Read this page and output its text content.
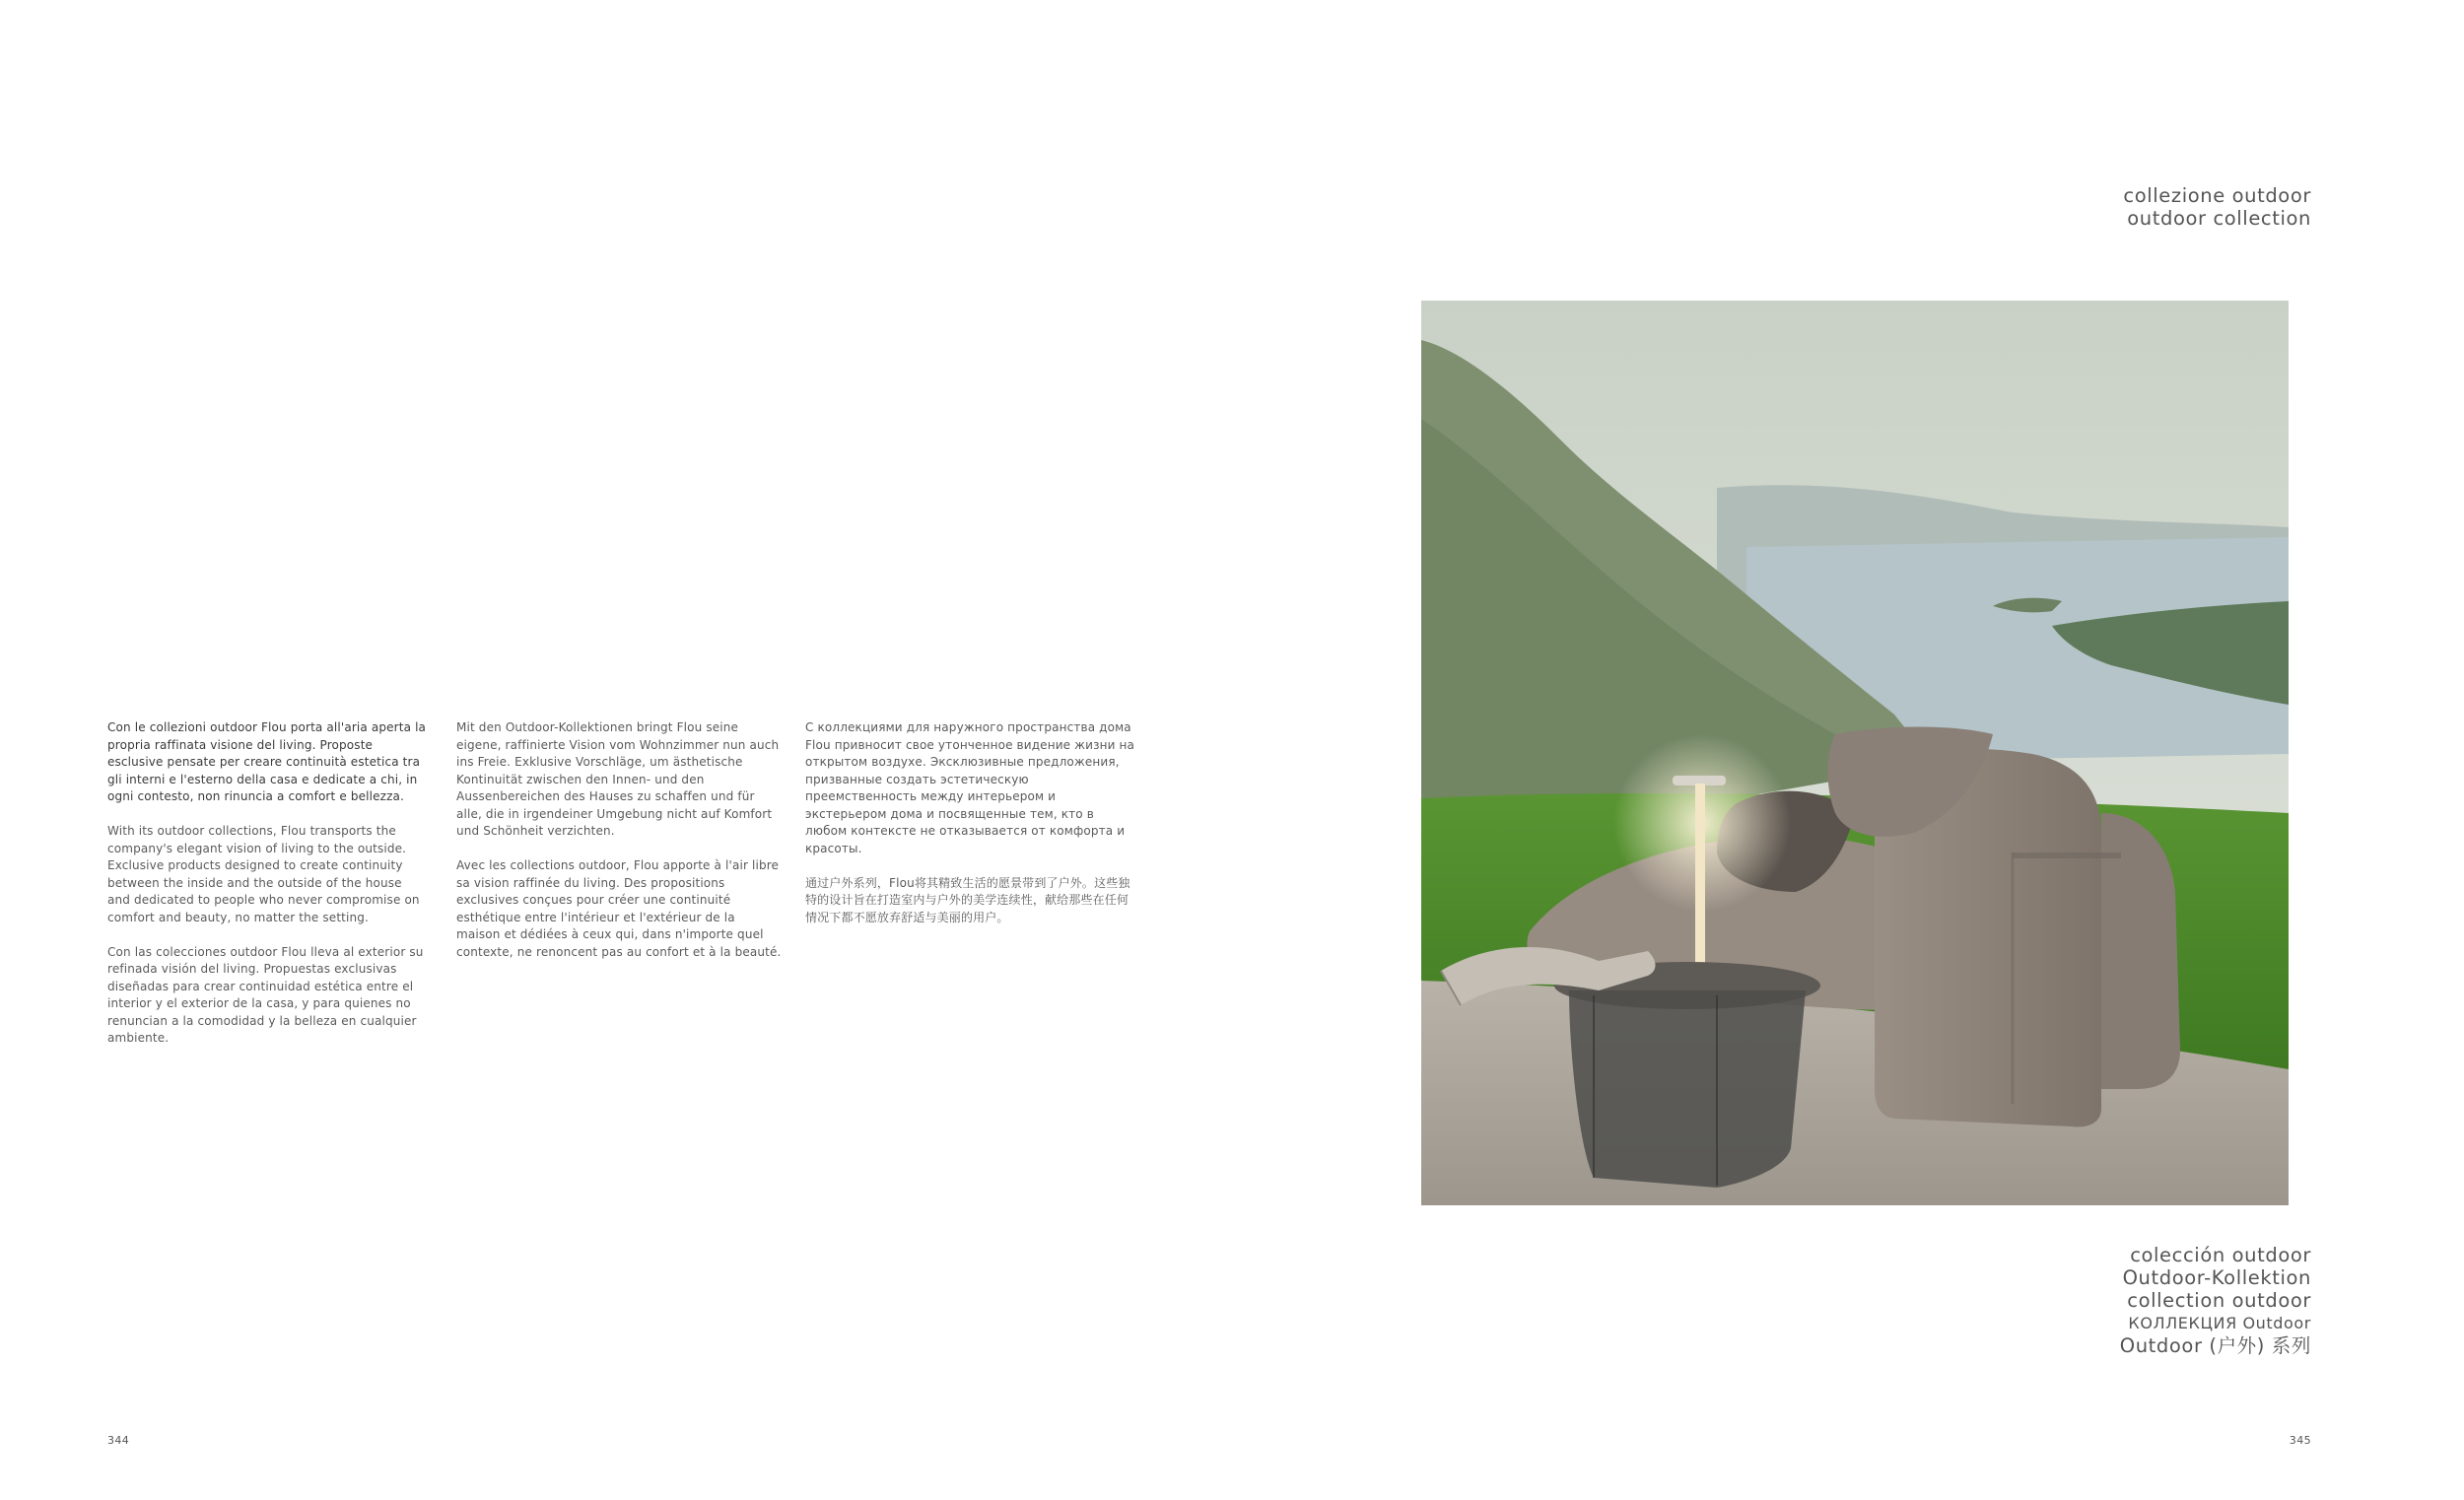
collezione outdoor
outdoor collection

Con le collezioni outdoor Flou porta all'aria aperta la propria raffinata visione del living. Proposte esclusive pensate per creare continuità estetica tra gli interni e l'esterno della casa e dedicate a chi, in ogni contesto, non rinuncia a comfort e bellezza.

With its outdoor collections, Flou transports the company's elegant vision of living to the outside. Exclusive products designed to create continuity between the inside and the outside of the house and dedicated to people who never compromise on comfort and beauty, no matter the setting.

Con las colecciones outdoor Flou lleva al exterior su refinada visión del living. Propuestas exclusivas diseñadas para crear continuidad estética entre el interior y el exterior de la casa, y para quienes no renuncian a la comodidad y la belleza en cualquier ambiente.

Mit den Outdoor-Kollektionen bringt Flou seine eigene, raffinierte Vision vom Wohnzimmer nun auch ins Freie. Exklusive Vorschläge, um ästhetische Kontinuität zwischen den Innen- und den Aussenbereichen des Hauses zu schaffen und für alle, die in irgendeiner Umgebung nicht auf Komfort und Schönheit verzichten.

Avec les collections outdoor, Flou apporte à l'air libre sa vision raffinée du living. Des propositions exclusives conçues pour créer une continuité esthétique entre l'intérieur et l'extérieur de la maison et dédiées à ceux qui, dans n'importe quel contexte, ne renoncent pas au confort et à la beauté.

С коллекциями для наружного пространства дома Flou привносит свое утонченное видение жизни на открытом воздухе. Эксклюзивные предложения, призванные создать эстетическую преемственность между интерьером и экстерьером дома и посвященные тем, кто в любом контексте не отказывается от комфорта и красоты.

通过户外系列，Flou将其精致生活的愿景带到了户外。这些独特的设计旨在打造室内与户外的美学连续性，献给那些在任何情况下都不愿放弃舒适与美丽的用户。

colección outdoor
Outdoor-Kollektion
collection outdoor
КОЛЛЕКЦИЯ Outdoor
Outdoor (户外) 系列
344	345
